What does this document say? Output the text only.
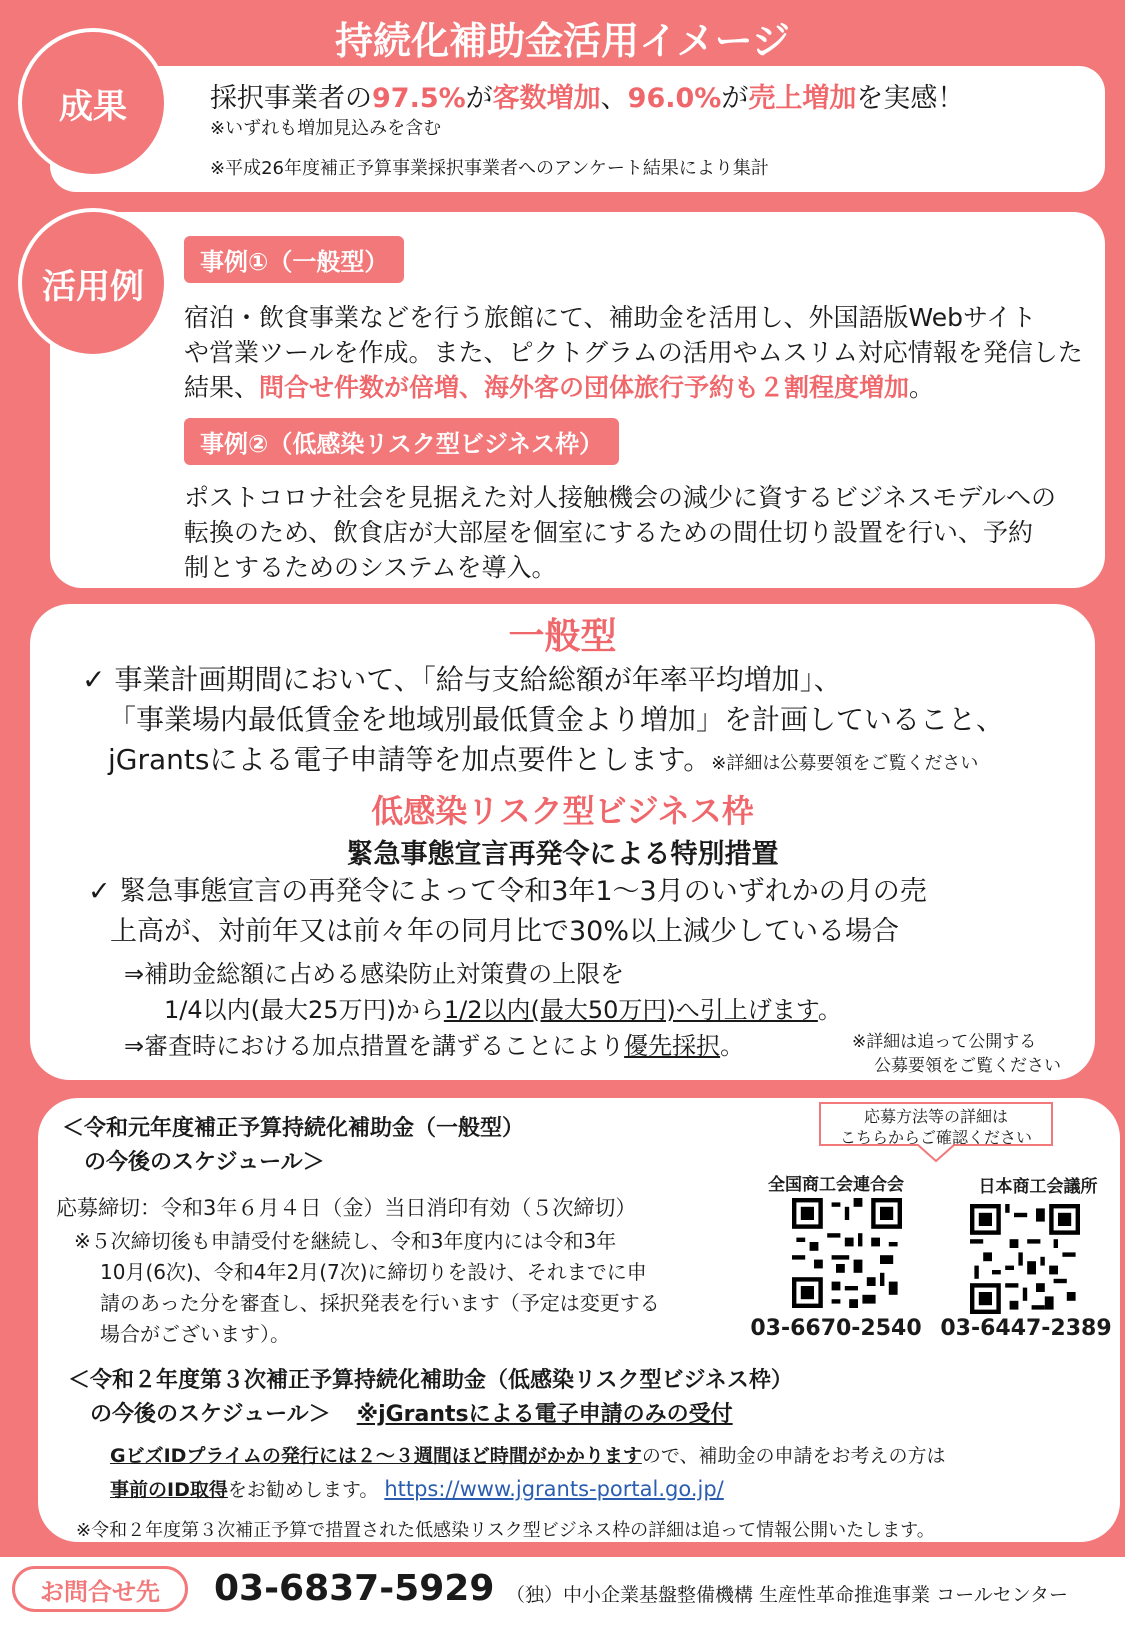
持続化補助金活用イメージ
成果	採択事業者の97.5%が客数増加、96.0%が売上増加を実感！
※いずれも増加見込みを含む
※平成26年度補正予算事業採択事業者へのアンケート結果により集計
活用例
事例①（一般型）
宿泊・飲食事業などを行う旅館にて、補助金を活用し、外国語版Webサイト
や営業ツールを作成。また、ピクトグラムの活用やムスリム対応情報を発信した
結果、問合せ件数が倍増、海外客の団体旅行予約も２割程度増加。
事例②（低感染リスク型ビジネス枠）
ポストコロナ社会を見据えた対人接触機会の減少に資するビジネスモデルへの
転換のため、飲食店が大部屋を個室にするための間仕切り設置を行い、予約
制とするためのシステムを導入。
一般型
✓ 事業計画期間において、「給与支給総額が年率平均増加」、
「事業場内最低賃金を地域別最低賃金より増加」を計画していること、
jGrantsによる電子申請等を加点要件とします。※詳細は公募要領をご覧ください
低感染リスク型ビジネス枠
緊急事態宣言再発令による特別措置
✓ 緊急事態宣言の再発令によって令和3年1～3月のいずれかの月の売
上高が、対前年又は前々年の同月比で30%以上減少している場合
⇒補助金総額に占める感染防止対策費の上限を
1/4以内(最大25万円)から1/2以内(最大50万円)へ引上げます。
⇒審査時における加点措置を講ずることにより優先採択。	※詳細は追って公開する
公募要領をご覧ください
＜令和元年度補正予算持続化補助金（一般型）
の今後のスケジュール＞
応募締切：令和3年６月４日（金）当日消印有効（５次締切）
※５次締切後も申請受付を継続し、令和3年度内には令和3年
10月(6次)、令和4年2月(7次)に締切りを設け、それまでに申
請のあった分を審査し、採択発表を行います（予定は変更する
場合がございます）。
応募方法等の詳細は
こちらからご確認ください
全国商工会連合会	日本商工会議所
03-6670-2540 03-6447-2389
＜令和２年度第３次補正予算持続化補助金（低感染リスク型ビジネス枠）
の今後のスケジュール＞ ※jGrantsによる電子申請のみの受付
GビズIDプライムの発行には２～３週間ほど時間がかかりますので、補助金の申請をお考えの方は
事前のID取得をお勧めします。 https://www.jgrants-portal.go.jp/
※令和２年度第３次補正予算で措置された低感染リスク型ビジネス枠の詳細は追って情報公開いたします。
お問合せ先	03-6837-5929 （独）中小企業基盤整備機構 生産性革命推進事業 コールセンター
